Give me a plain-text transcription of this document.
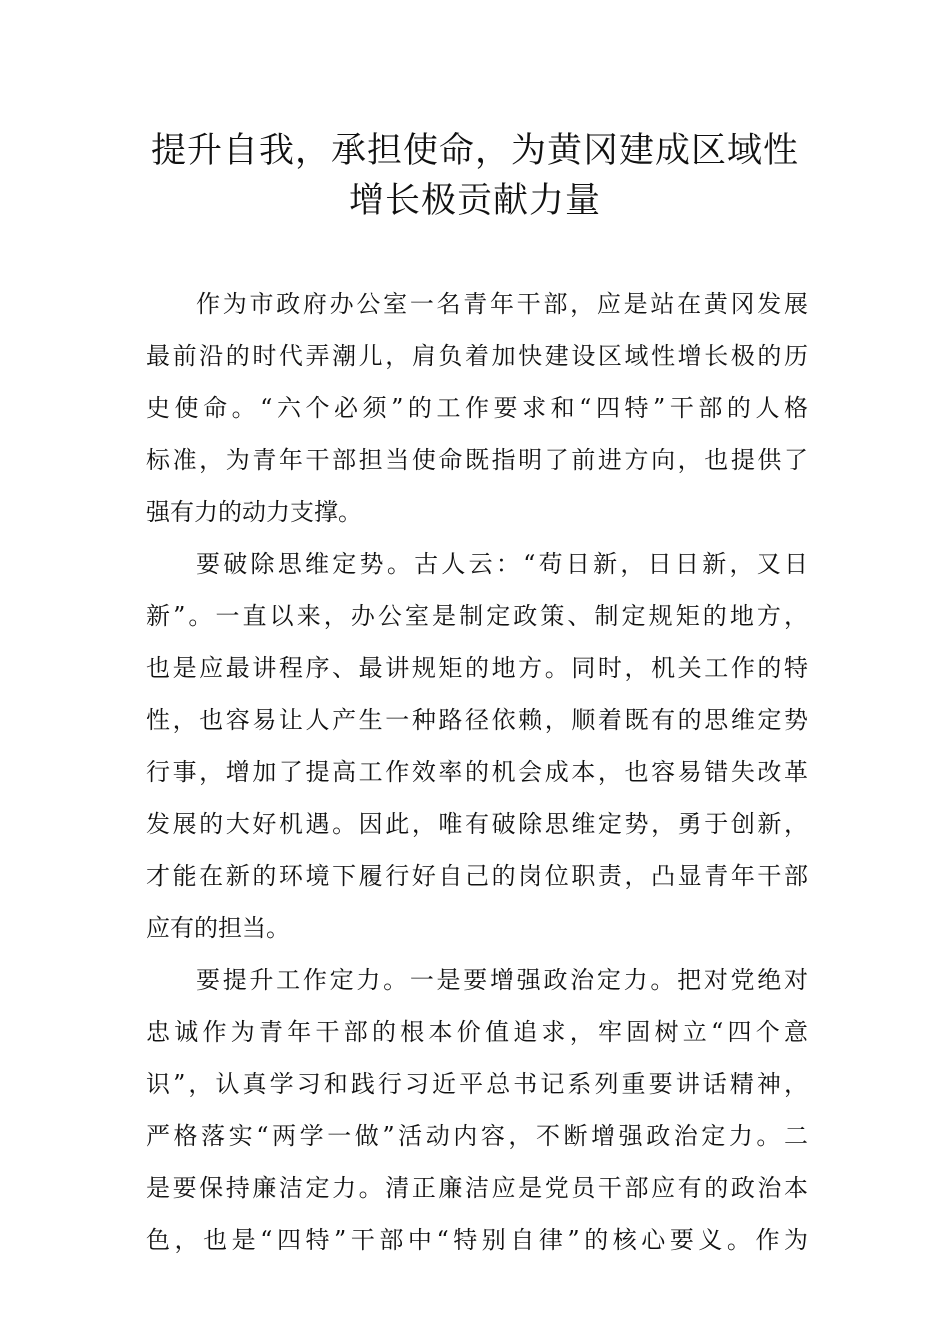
提升自我，承担使命，为黄冈建成区域性
增长极贡献力量
作为市政府办公室一名青年干部，应是站在黄冈发展
最前沿的时代弄潮儿，肩负着加快建设区域性增长极的历
史使命。“六个必须”的工作要求和“四特”干部的人格
标准，为青年干部担当使命既指明了前进方向，也提供了
强有力的动力支撑。
要破除思维定势。古人云：“苟日新，日日新，又日
新”。一直以来，办公室是制定政策、制定规矩的地方，
也是应最讲程序、最讲规矩的地方。同时，机关工作的特
性，也容易让人产生一种路径依赖，顺着既有的思维定势
行事，增加了提高工作效率的机会成本，也容易错失改革
发展的大好机遇。因此，唯有破除思维定势，勇于创新，
才能在新的环境下履行好自己的岗位职责，凸显青年干部
应有的担当。
要提升工作定力。一是要增强政治定力。把对党绝对
忠诚作为青年干部的根本价值追求，牢固树立“四个意
识”，认真学习和践行习近平总书记系列重要讲话精神，
严格落实“两学一做”活动内容，不断增强政治定力。二
是要保持廉洁定力。清正廉洁应是党员干部应有的政治本
色，也是“四特”干部中“特别自律”的核心要义。作为
